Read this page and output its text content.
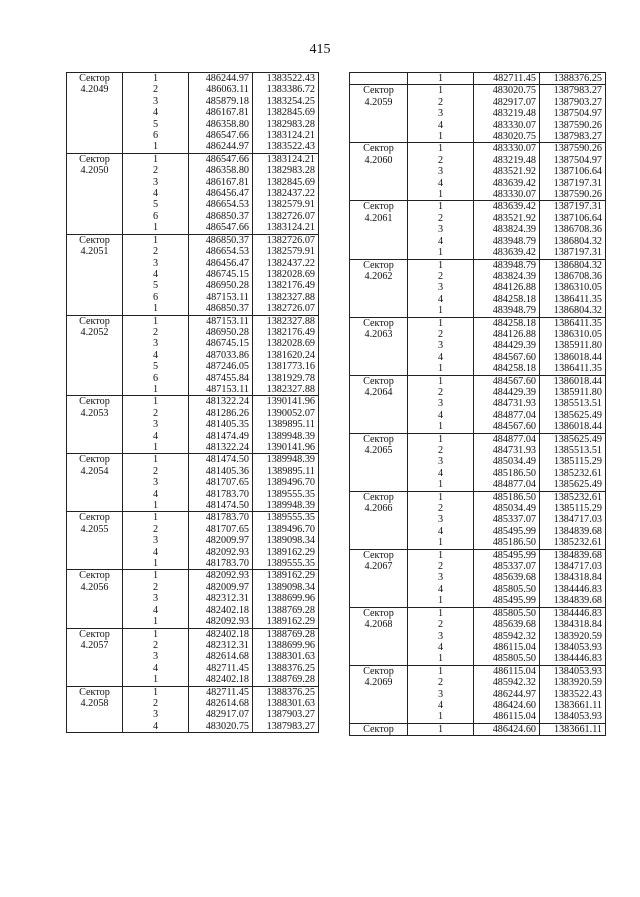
415
Сектор	1	486244.97	1383522.43
4.2049	2	486063.11	1383386.72
	3	485879.18	1383254.25
	4	486167.81	1382845.69
	5	486358.80	1382983.28
	6	486547.66	1383124.21
	1	486244.97	1383522.43
Сектор	1	486547.66	1383124.21
4.2050	2	486358.80	1382983.28
	3	486167.81	1382845.69
	4	486456.47	1382437.22
	5	486654.53	1382579.91
	6	486850.37	1382726.07
	1	486547.66	1383124.21
Сектор	1	486850.37	1382726.07
4.2051	2	486654.53	1382579.91
	3	486456.47	1382437.22
	4	486745.15	1382028.69
	5	486950.28	1382176.49
	6	487153.11	1382327.88
	1	486850.37	1382726.07
Сектор	1	487153.11	1382327.88
4.2052	2	486950.28	1382176.49
	3	486745.15	1382028.69
	4	487033.86	1381620.24
	5	487246.05	1381773.16
	6	487455.84	1381929.78
	1	487153.11	1382327.88
Сектор	1	481322.24	1390141.96
4.2053	2	481286.26	1390052.07
	3	481405.35	1389895.11
	4	481474.49	1389948.39
	1	481322.24	1390141.96
Сектор	1	481474.50	1389948.39
4.2054	2	481405.36	1389895.11
	3	481707.65	1389496.70
	4	481783.70	1389555.35
	1	481474.50	1389948.39
Сектор	1	481783.70	1389555.35
4.2055	2	481707.65	1389496.70
	3	482009.97	1389098.34
	4	482092.93	1389162.29
	1	481783.70	1389555.35
Сектор	1	482092.93	1389162.29
4.2056	2	482009.97	1389098.34
	3	482312.31	1388699.96
	4	482402.18	1388769.28
	1	482092.93	1389162.29
Сектор	1	482402.18	1388769.28
4.2057	2	482312.31	1388699.96
	3	482614.68	1388301.63
	4	482711.45	1388376.25
	1	482402.18	1388769.28
Сектор	1	482711.45	1388376.25
4.2058	2	482614.68	1388301.63
	3	482917.07	1387903.27
	4	483020.75	1387983.27
	1	482711.45	1388376.25
Сектор	1	483020.75	1387983.27
4.2059	2	482917.07	1387903.27
	3	483219.48	1387504.97
	4	483330.07	1387590.26
	1	483020.75	1387983.27
Сектор	1	483330.07	1387590.26
4.2060	2	483219.48	1387504.97
	3	483521.92	1387106.64
	4	483639.42	1387197.31
	1	483330.07	1387590.26
Сектор	1	483639.42	1387197.31
4.2061	2	483521.92	1387106.64
	3	483824.39	1386708.36
	4	483948.79	1386804.32
	1	483639.42	1387197.31
Сектор	1	483948.79	1386804.32
4.2062	2	483824.39	1386708.36
	3	484126.88	1386310.05
	4	484258.18	1386411.35
	1	483948.79	1386804.32
Сектор	1	484258.18	1386411.35
4.2063	2	484126.88	1386310.05
	3	484429.39	1385911.80
	4	484567.60	1386018.44
	1	484258.18	1386411.35
Сектор	1	484567.60	1386018.44
4.2064	2	484429.39	1385911.80
	3	484731.93	1385513.51
	4	484877.04	1385625.49
	1	484567.60	1386018.44
Сектор	1	484877.04	1385625.49
4.2065	2	484731.93	1385513.51
	3	485034.49	1385115.29
	4	485186.50	1385232.61
	1	484877.04	1385625.49
Сектор	1	485186.50	1385232.61
4.2066	2	485034.49	1385115.29
	3	485337.07	1384717.03
	4	485495.99	1384839.68
	1	485186.50	1385232.61
Сектор	1	485495.99	1384839.68
4.2067	2	485337.07	1384717.03
	3	485639.68	1384318.84
	4	485805.50	1384446.83
	1	485495.99	1384839.68
Сектор	1	485805.50	1384446.83
4.2068	2	485639.68	1384318.84
	3	485942.32	1383920.59
	4	486115.04	1384053.93
	1	485805.50	1384446.83
Сектор	1	486115.04	1384053.93
4.2069	2	485942.32	1383920.59
	3	486244.97	1383522.43
	4	486424.60	1383661.11
	1	486115.04	1384053.93
Сектор	1	486424.60	1383661.11
